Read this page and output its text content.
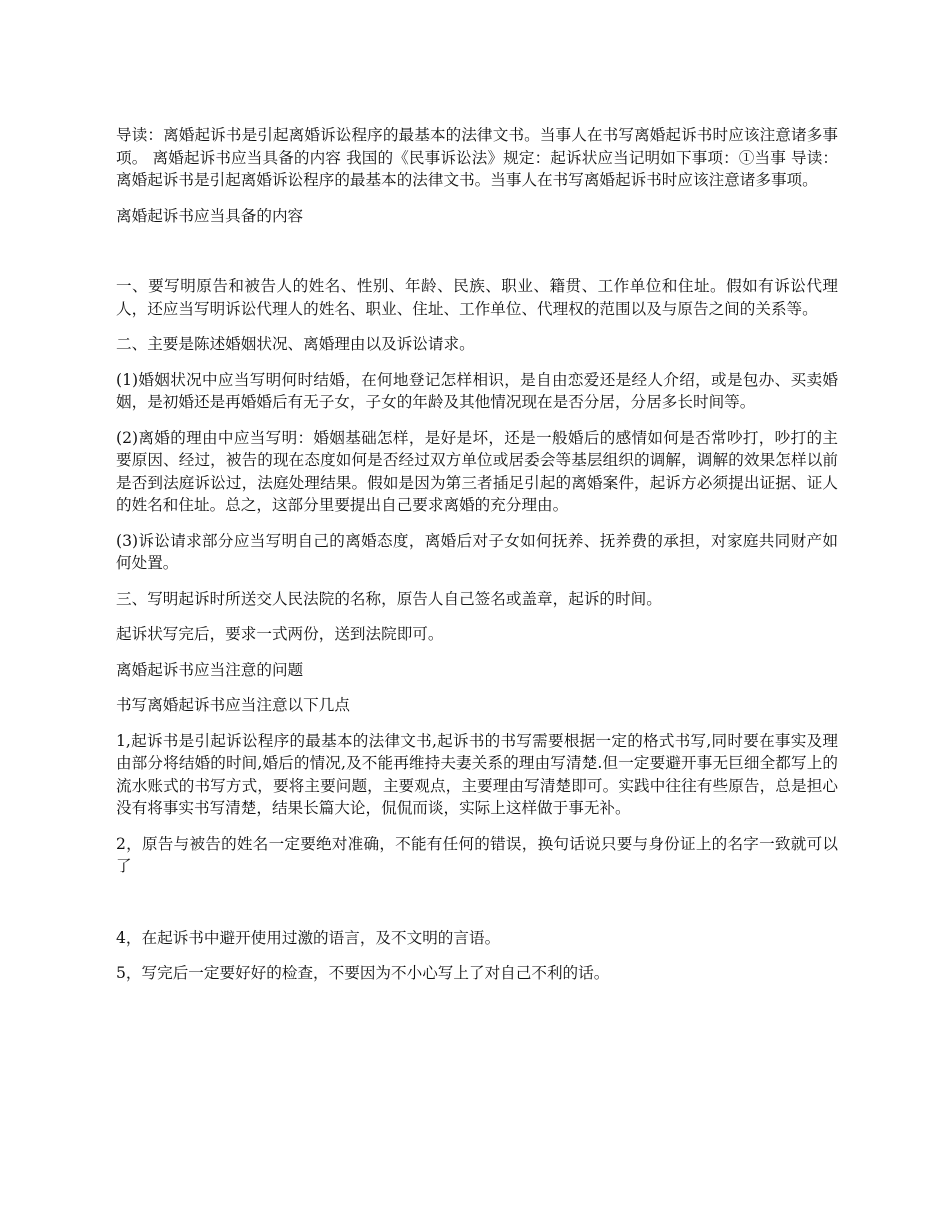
导读：离婚起诉书是引起离婚诉讼程序的最基本的法律文书。当事人在书写离婚起诉书时应该注意诸多事项。 离婚起诉书应当具备的内容 我国的《民事诉讼法》规定：起诉状应当记明如下事项：①当事 导读：离婚起诉书是引起离婚诉讼程序的最基本的法律文书。当事人在书写离婚起诉书时应该注意诸多事项。

离婚起诉书应当具备的内容

一、要写明原告和被告人的姓名、性别、年龄、民族、职业、籍贯、工作单位和住址。假如有诉讼代理人，还应当写明诉讼代理人的姓名、职业、住址、工作单位、代理权的范围以及与原告之间的关系等。

二、主要是陈述婚姻状况、离婚理由以及诉讼请求。

(1)婚姻状况中应当写明何时结婚，在何地登记怎样相识，是自由恋爱还是经人介绍，或是包办、买卖婚姻，是初婚还是再婚婚后有无子女，子女的年龄及其他情况现在是否分居，分居多长时间等。

(2)离婚的理由中应当写明：婚姻基础怎样，是好是坏，还是一般婚后的感情如何是否常吵打，吵打的主要原因、经过，被告的现在态度如何是否经过双方单位或居委会等基层组织的调解，调解的效果怎样以前是否到法庭诉讼过，法庭处理结果。假如是因为第三者插足引起的离婚案件，起诉方必须提出证据、证人的姓名和住址。总之，这部分里要提出自己要求离婚的充分理由。

(3)诉讼请求部分应当写明自己的离婚态度，离婚后对子女如何抚养、抚养费的承担，对家庭共同财产如何处置。

三、写明起诉时所送交人民法院的名称，原告人自己签名或盖章，起诉的时间。

起诉状写完后，要求一式两份，送到法院即可。

离婚起诉书应当注意的问题

书写离婚起诉书应当注意以下几点

1,起诉书是引起诉讼程序的最基本的法律文书,起诉书的书写需要根据一定的格式书写,同时要在事实及理由部分将结婚的时间,婚后的情况,及不能再维持夫妻关系的理由写清楚.但一定要避开事无巨细全都写上的流水账式的书写方式，要将主要问题，主要观点，主要理由写清楚即可。实践中往往有些原告，总是担心没有将事实书写清楚，结果长篇大论，侃侃而谈，实际上这样做于事无补。

2，原告与被告的姓名一定要绝对准确，不能有任何的错误，换句话说只要与身份证上的名字一致就可以了

4，在起诉书中避开使用过激的语言，及不文明的言语。

5，写完后一定要好好的检查，不要因为不小心写上了对自己不利的话。
